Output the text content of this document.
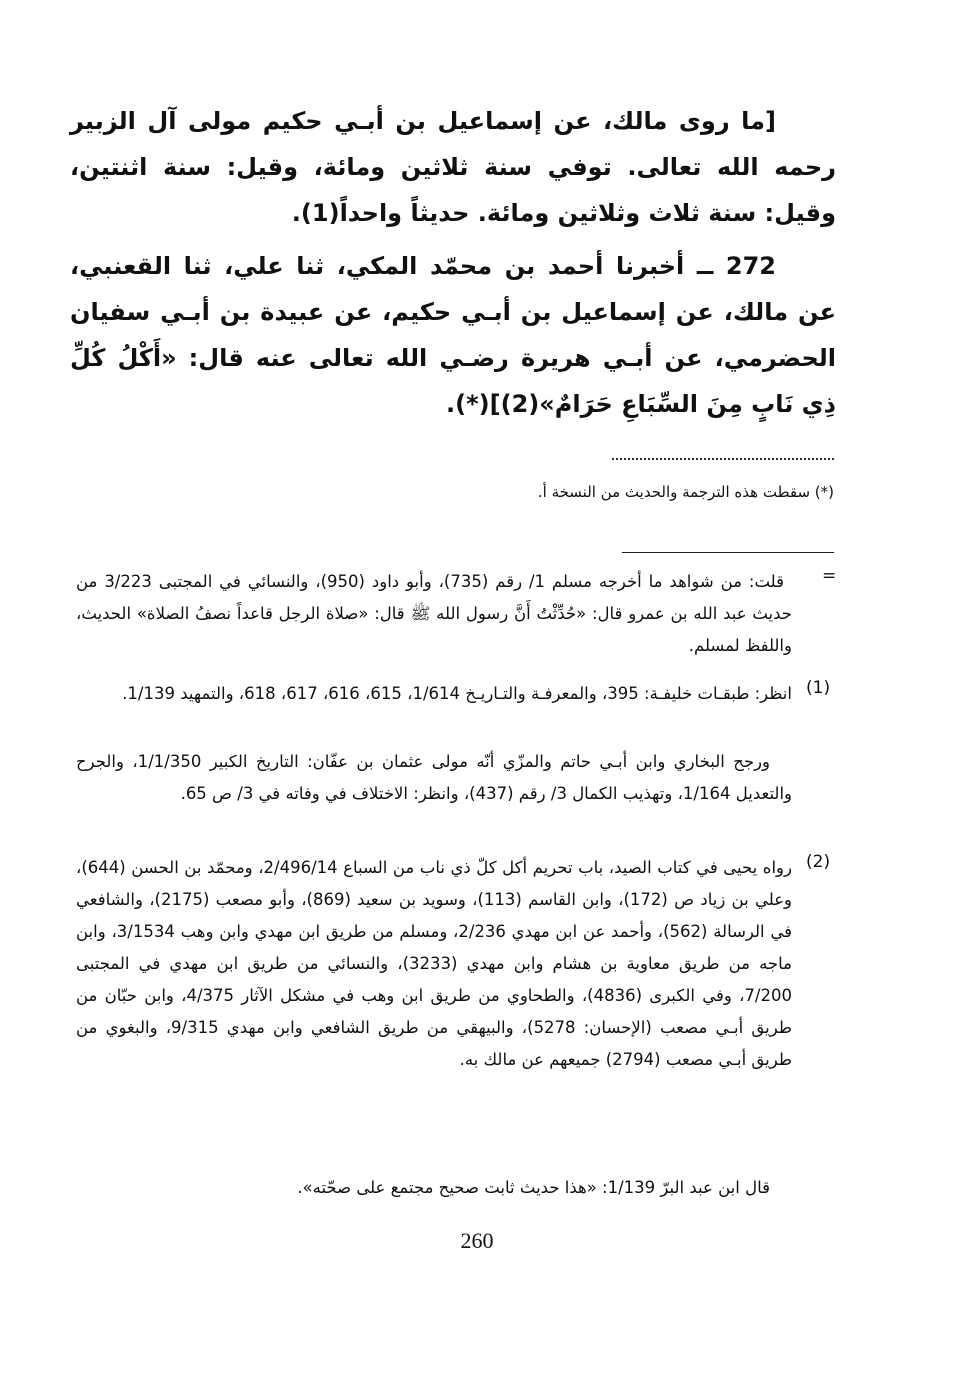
[ما روى مالك، عن إسماعيل بن أبـي حكيم مولى آل الزبير رحمه الله تعالى. توفي سنة ثلاثين ومائة، وقيل: سنة اثنتين، وقيل: سنة ثلاث وثلاثين ومائة. حديثاً واحداً(1).

272 ــ أخبرنا أحمد بن محمّد المكي، ثنا علي، ثنا القعنبي، عن مالك، عن إسماعيل بن أبـي حكيم، عن عبيدة بن أبـي سفيان الحضرمي، عن أبـي هريرة رضـي الله تعالى عنه قال: «أَكْلُ كُلِّ ذِي نَابٍ مِنَ السِّبَاعِ حَرَامٌ»(2)](*).

(*) سقطت هذه الترجمة والحديث من النسخة أ.
=
قلت: من شواهد ما أخرجه مسلم 1/ رقم (735)، وأبو داود (950)، والنسائي في المجتبى 3/223 من حديث عبد الله بن عمرو قال: «حُدِّثْتُ أَنَّ رسول الله ﷺ قال: «صلاة الرجل قاعداً نصفُ الصلاة» الحديث، واللفظ لمسلم.
(1)
انظر: طبقـات خليفـة: 395، والمعرفـة والتـاريـخ 1/614، 615، 616، 617، 618، والتمهيد 1/139.
ورجح البخاري وابن أبـي حاتم والمزّي أنّه مولى عثمان بن عفّان: التاريخ الكبير 1/1/350، والجرح والتعديل 1/164، وتهذيب الكمال 3/ رقم (437)، وانظر: الاختلاف في وفاته في 3/ ص 65.
(2)
رواه يحيى في كتاب الصيد، باب تحريم أكل كلّ ذي ناب من السباع 2/496/14، ومحمّد بن الحسن (644)، وعلي بن زياد ص (172)، وابن القاسم (113)، وسويد بن سعيد (869)، وأبو مصعب (2175)، والشافعي في الرسالة (562)، وأحمد عن ابن مهدي 2/236، ومسلم من طريق ابن مهدي وابن وهب 3/1534، وابن ماجه من طريق معاوية بن هشام وابن مهدي (3233)، والنسائي من طريق ابن مهدي في المجتبى 7/200، وفي الكبرى (4836)، والطحاوي من طريق ابن وهب في مشكل الآثار 4/375، وابن حبّان من طريق أبـي مصعب (الإحسان: 5278)، والبيهقي من طريق الشافعي وابن مهدي 9/315، والبغوي من طريق أبـي مصعب (2794) جميعهم عن مالك به.
قال ابن عبد البرّ 1/139: «هذا حديث ثابت صحيح مجتمع على صحّته».
260
